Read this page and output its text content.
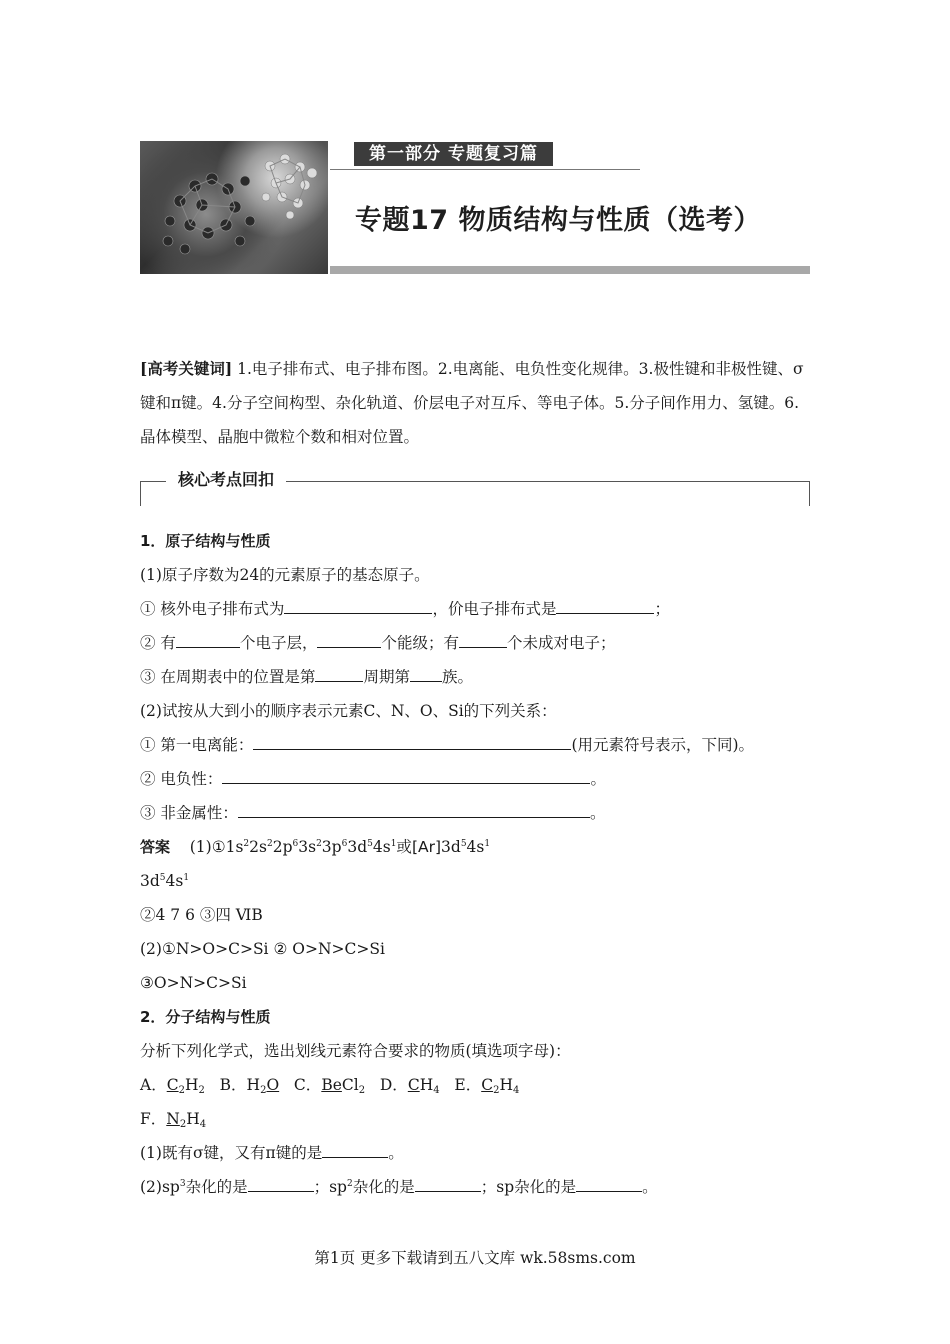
第一部分 专题复习篇
专题17 物质结构与性质（选考）

[高考关键词] 1.电子排布式、电子排布图。2.电离能、电负性变化规律。3.极性键和非极性键、σ键和π键。4.分子空间构型、杂化轨道、价层电子对互斥、等电子体。5.分子间作用力、氢键。6.晶体模型、晶胞中微粒个数和相对位置。

核心考点回扣
1．原子结构与性质
(1)原子序数为24的元素原子的基态原子。
① 核外电子排布式为	，价电子排布式是	；
② 有	个电子层，	个能级；有	个未成对电子；
③ 在周期表中的位置是第	周期第 族。
(2)试按从大到小的顺序表示元素C、N、O、Si的下列关系：
① 第一电离能：	(用元素符号表示，下同)。
② 电负性：	。
③ 非金属性：	。
答案 $(1)①1s^22s^22p^63s^23p^63d^54s^1$或$[Ar]3d^54s^1$
$3d^54s^1$
②4 7 6 ③四 ⅥB
(2)①N>O>C>Si ② O>N>C>Si
③O>N>C>Si
2．分子结构与性质
分析下列化学式，选出划线元素符合要求的物质(填选项字母)：
A．$C_2H_2$   B．$H_2O$   C．BeCl$_2$   D．$CH_4$   E．$C_2H_4$
F．$N_2H_4$
(1)既有σ键，又有π键的是	。
$(2)sp^3$杂化的是	；$sp^2$杂化的是	；sp杂化的是	。
第1页 更多下载请到五八文库 wk.58sms.com
